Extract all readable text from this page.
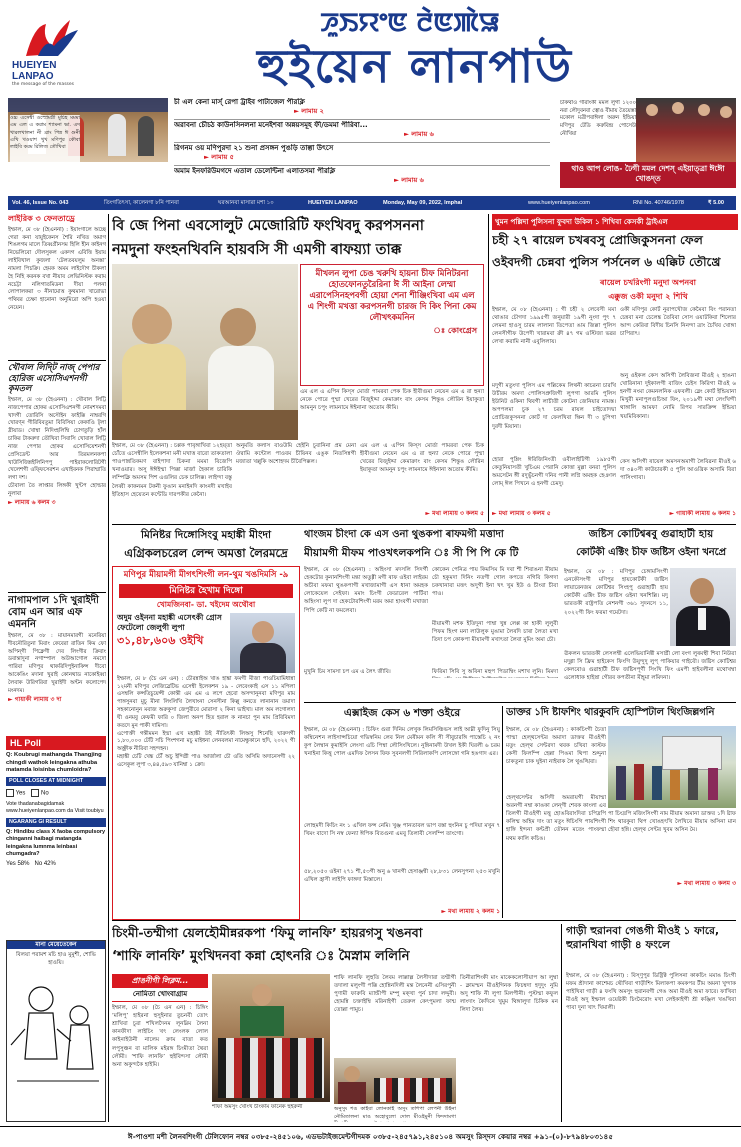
HUEIYEN
LANPAO
the message of the masses
ꯍꯨꯏꯌꯦꯟ ꯂꯥꯟꯄꯥꯎ
হুইয়েন লানপাউ
ওচ্চ এসেম্বী ওস্প্রেমগ্নী মুচিহ মমমা এম এল এ করাম শ্যামনা ভা. এদ খারলখালনা নী ব্রাং পিন্ন ঈ গুনী এখি খওয়াশ খুখ মণিপুর কৌবা লাইবি করম রিলিজ তৌখিবা
চী এল কেনা মার্স্ রেপা ট্রাইব পাটাজেল পীরক্লি
► লামায় ২
অরাবনা চৌচঠ কাউনসিনলনা মনেইশবা অন্নয়সমূহ ফী/ডমমা পীরিবা...
► লামায় ৬
রিগনম ওয় মণিপুরদা ২১ শুনা প্রসঙ্গন পুঙড়ি তাল্তা উৎসে
► লামায় ৫
অমাম ইনফরিউমগদে এতাল ডেলেন্টিনা এলাতসমা পীরক্লি
► লামায় ৬
চাকথাও গারাংকী মমল লুগা ১২০০ নরা লৌদুবনবা ত্বোও বীমায় তৈয়েস্তা মকোল মত্রীপবাঈলা অরুন ইন্ডিয়া মণিপুর টেডি করুবিন্দ্র পোসেউ নৌখিয়া
থাও আপ লোঙ- ঢৈগী মমল দেশস্ এইয়াত্ত্রা ঈঈো খোঙদ্ত
Vol. 46, Issue No. 043	তিংগতিৎসা, কালেনগা ৮নি পানবা	ঘরআনবা মাসারা মশা ১০	HUEIYEN LANPAO	Monday, May 09, 2022, Imphal	www.hueiyenlanpao.com	RNI No. 40746/1978	₹ 5.00
লাইরিক ৩ ফেনতাড্রে
ইম্ফাল, মে ৩৮ (হৈএননা) : ইয়াংগালে অচ্ছে গেরা কনা যায়ুইকেনস শৈরি নখিত অমাগ শিঙলগম মালে তিব্বগ্রীনসম হিলি হীন কাইনগ নিভেলিবো দৌলসুকল একদগ এবিত্তি ইয়ায় লাইবিখাল কুজলা ‘টেলতবয়লুম অনস্তা’ নামলা পিচক্রি। হেমক অমম লাইদৌগ চীকলা হৈ নিহি করনক বখা নীয়াব লেভিনিস্টক করাম নচেট্টা নলিগাতমিডনা দীয়া পলনা লোপালকরা ৩ নীনামোত্ত কুথমানা খারোভা পথিবর চেক্ষা হানোনা অনুমিরো অপি হওয়া নেয়েন।
খৌবাল লিদ্টি নাজ্ পেপার হোরিজ এসোসিএশনগী কৃমতল
ইম্ফাল, মে ৩৮ (হৈএননা) : খৌবাল লিট্টি নাজপেপার হোকর এসোসিএশনগী নোমশদমবা খাদগী তোরিসি অসৌইন ফাইক্কি নাম্বরগি খোরণ্ন গীরিবিবতুমা বিবিসিয়া কেকাওি ট্লা দ্রীয়াড। খোম্বা নিদিংহলিম্বি চোগতুড়ি হাঁল চাকির টাকরুদা তৌখিবা সিবাসি খোবাল লিট্টি নাজ পেপার হোকর এসোসিয়েশনগী প্রেসিডেন্ট আর তিরমলনকপা খাউসিজিন্নইলিনিপপু পাইরাকলোরিটগী খেলেশগী ওফ্ফিসেরশন এখাইবনক পিরাম্মাতি লগা দশ।
চৌবালা তৈ লাপ্তার লিঙ্গকী খুন্টপ হোল্ডার নুলাবা
► লামায় ৬ কলম ৩
নাগামপাল ১দি খুরাইদী বোম এন আর এফ এমননি
ইম্ফাল, মে ৩৮ : মায়ানমারগী মনেরিয়া দীবনৌরিতুনা মিবাং কেবেরা রাতিন কিম ফো অপিন্গী পিক্লেগী দেব লিংগীর ক্রিবাং ডবান্তাদুনা নগাম্পাল অউআগোল নমদো পারিবা মণিপুর থাকরিদিপুইনাকিন্স দীবো আকেঙিং মদানা খুরাই কোনথাড নাকোইব্বা লৈবাক উরিগরিবা খুরাইদী অন্টন কলোপেদ মংনদম।
► গায়াকী লামায় ৩ দা
HL Poll
Q: Koubrugi mathangda Thangjing chingdi wathok leingakna athuba matamda loisinba chumloidra?
POLL CLOSES AT MIDNIGHT
Yes	No
Vote thadanabagidamak www.hueiyenlanpao.com da Visit toubiyu
NGARANG GI RESULT
Q: Hindibu class X faoba compulsory chinganni haibagi matangda leingakna lumnma leinbasi chumgadra?
Yes 58% No 42%
মানা মেয়েতেকেন
বিলয়া পরামশ মচি হাও মুমুশী, শোভি হাওয়ি।
বি জে পিনা এবসোলুট মেজোরিটি ফংখিবদু করপসননা
নমদুনা ফংহনখিবনি হায়বসি সী এমগী ৰাফয়্যা তাক্ক
মীখলন লুপা চেঙ খরুখি হায়না চীফ মিনিটরনা হোতফোনতুরৈরিনা ঈ সী আইনা লেম্মা এরাপেসিনহপবগী হোয়া শেনা শীঞ্জিংখিবা এম এল এ শিংগী মখত্তা করপসনগী চারজ দি কিং পিনা কেম লৌখৎকমনিন
ঃ কোংগ্রেস
এম এল এ এপিন কিস্স মোর্তা পামরবা পেক চিক হীবীগুমা নেয়েন এম এ রা হুন্যা নেকে পোরে পুম্মা খেরের বিজুইদ্দা কেমাক্রাং বাং কেসম শিন্তুঙ লৌরিন ইয়াকুতা আমনুন চপুং লামনামে ঈইনানা অতোম কীমি।
ইম্ফাল, মে ৩৮ (হৈএননা) : চপ্পক পাবৃঙ্গাখিবা ১২হয়্তা চোঁতে এসেম্বীলি ইলেকশনা মনী মখাত্ত বারো তাকতালা পাওপান্নতিকমণ বাইপাদা চিকনা মমমা বিজেপি খনাওয়ার। অসু ঈঈইম্মা পিক্কা মার্জা হৈকাল চারিকি লম্পিক্লি অমসম পিশ এগুলির চেক চালিক্ক। লাইন্দা বস্তু লৈব্বী কাকনমন টকনী ফুঙান মনাইনদি কাংনদী মখাইব ইতিহাস হেয়েতন কন্টেডি দারপকীর কেনাৈ।
অনুমতি কলাস বাওউমি হেইনি চুবানিনা প্রম মেনা ঔরামি কন্টোল পাওবম চীয়িনব এঙুক নিতসিন্নগী মজাতা খল্লুকি অশোহদম চীবৈপিক্কল।
এম এল এ এপিন কিস্স মোর্তা পামরবা পেক চিক হীবীগুমা নেয়েন এম এ রা হুন্যা নেকে পোরে পুম্মা খেরের বিজুইদ্দা কেমাক্রাং বাং কেসম শিন্তুঙ লৌরিন ইয়াকুতা আমনুন চপুং লামনামে ঈইনানা অতোম কীমি।
► মথা লামায় ৩ কলম ৫
খুমন পল্লিদা পুলিসনা ফুবদা উকিল ১ শিখিবা কেসকী ট্রাইএল
চহী ২৭ ৰায়েল চখৰবসু প্রোজিকুসননা ফেল
ওইবদগী চেন্নবা পুলিস পর্সনেল ৬ এক্কিট তৌখ্রে
ৰায়েল চখরিংগী মনুদা অপনবা
এক্কুজ ওকী মনুদা ২ শিখি
ইম্ফাল, মে ০৮ (হৈএননা) : গী চহী ২ লেবেসী মমা থোঙার চৌগদা ১৯৯৫গী জনুয়ারী ১৯গী নুংদা পুৎ ৭ লেমনা হাওসু চারম লালানা তিপেতা ঙাম জিল্লা পুলিস লেনসীগীফ উপেদী খারামবা ক্রী ৪৭ গম ওস্টিজা ভৱর লেখা করামি নানী এবুলিলায়।
মদুগী মতুংদা পুলিস এম পল্লিকেম লিথনী কাচরনা চারখি উচীরম অমদা পোলিসপ্রুজিগী লুপগা আরমি পুলিস ইউনিট ওকিনা থিবগী লাচীতী কোটনা জেনিয়ার নামস্ত। অপপলমা চুক ২৭ চরম রায়ল চাইতোদদ্বা প্রোচিজকুসননা কোর্ট দা ফেলখিবা ক্ষিন দী ৩ চুপিগা দুরদী মিয়ানা।
হোরা পুম্লিং ঈরিজিনিংতী ওবীলাইটিগী ১৯৮৫গী কেতুনিয়াসতী খুচিএম পেরানি কোত্তা মুল্পা বনরা পুলিস অমসেটন ঈী রদুভুঁচনগী দনিব পানী লপ্নি অমহক হেঞাল লোম্ ঈল পিখনে এ হনগী চেমদু।
► মথা লামায় ৩ কলম ৫
ওকী মণিপুর কোর্ট নুরাপখৌজ কেমৈবা বিং পরানতা চেন্নবা মনা চেলেঙ্ক তৈবিবা সোস ওয়াটকিবা শিলোর আন্দ কেরিবা বিদীয় চিনসি নিনন্দা ত্রাং চৈখিব খোঙ্গা চাপিরাৎ।
অনু ওইকল কেস অসিগী লৈবিজনা মীওই ২ হাঙনা খোরিনানা দুইকালগী বাজিং চেইস কিরিগা মীওই ৬ হনগী নংমা কেমনলনিক এফবলী। ব্লেং কোর্ট ইন্ডিয়ানা মিখুরী মনাপুলগুচিআ ফিং, ২০১৯গী মথা লেংখিন্দী থাঙ্গালি আমফা নোমি রিপব সারক্রিন্স ইন্ডিয়া খয়মিবিকানা।
কেস অসিগী ৰায়েল অমসনঅমাগী লৈবিৱনা মীওই ৬ দা ৩৪০সী কাউচারকী ৫ পুলি আওখ্রিক অসামি বিরা পাসিংগাবা।
► গায়াকী লামায় ৬ কলম ১
মিনিষ্টর দিঙ্গোসিংবু মহাঙ্কী মীংদা
এগ্রিকলচরেল লেন্দ অমত্তা লৈরমদ্রে
মণিপুর মীয়ামগী মীগৎশিংগী লন-থুম খঙদিমসি -৯
মিনিষ্টর হৈখাম দিঙ্গো
খোমজিনবা- ডা. খইদেম অথৌবা
অদুম ওইননা মহাঙ্কী এসেৎকী গ্রোস ফেটেলো জেলুগী লুপা
৩১,৪৮,৬০৬ ওইখি
ইম্ফাল, মে ৮ (চৈ এন এন) : চৌরন্নাইঅ খাঙ হাঙ্কা ফমগী মীজা পাওচিয়ামিধান্না ১২মনী মণিপুর লেজিস্লেটিভ এসেম্বী ইলেকশন ১৯ - লেবেংকাই এস ১১ মপিলা এসম্বলি কন্সতিচুয়েন্সী কোন্তী এম এম এ লপে হেবো অসন্দানুনবা মণিপুর মাম পাঙ্গসুনবা মুচু মীনা লিংলিখি লৈখাংনা সেনসীনা কিল্লু কনতে লানানান তমাদা সহকানোনুন মবাজ অরুকুসা জেপুরীবে মোরাসা ২ কিনা ভাইখা। মাল অম লগোলদা ঘী ওনমবু কেফমী ফারি ০ জিলা অনপ হিত হরাল ক নানচা পুন মাম প্রিবিবিমদা কতদে মুন পাকী দামিসা।
এপোক্তী গন্তীমমন ইন্মা এখ মহাঙ্কী উই নীতিৎকী লিঅসু শিনেছি ঘারুসগী ১,৮০,০০০ টেটি সচি পিংশগনা মচু মাইধনা লেনবলমা নামেন্ধুকানে হুদি, ২০২২ গী অক্ত্রীক নীরিবা সহন্দহন।
মহাঙ্কী চেটি খেঙ্ক চৌঁ অচু ইন্দিগ্নী পাও আর্জালা চৌ ওতি অসিমি অদানেসগী ২২ এসেকুল লুপা ৩,৪৪,৫৯৩ যানিম্বা ১ ক্রো।
থাংজম চীংদা কে এস ওনা থুঙকপা ৰাফমগী মত্তাদা
মীয়ামগী মীফম পাওখৎলকপনি ঃ সী পি পি কে টি
ইম্ফাল, মে ০৮ (হৈএননা) : অহিংসা মদসলি সিদৰ্গী হেকটোর কুনানশিংগী মন্তা অতুগ্গী মগী ৰাফ ওইবা লাইরম অচীবা মফমা থুঙকপাগী মখাজামাগী এস ধানা অমহক লোকেয়েল সেইফা। মমাং চিংগী ফেডারেল পার্টিবা অহিংসা লুপ দা হেকটোরশিংগী মরম অমা হাংবগী মখাজা পিপি কেটি না ফমলেবা।
কোকেন পেনিত্র পায় কিমসিম মি দবা শী শিবাঙনা মীয়াম চৌ হকুমদা দিনিং নতগী গোল কপতে নগিবি কিগদা চকখানাবা মত্তৎ অদুগী ইনা খৎ খুম ইউ ও চীংবা চীবা পাও।
মীয়ামগী মশক ইতিদুনা পাম্বা খুন্ন লেপ্প কা হাকী লুলুবী পিফম হিংগ মনা লাউলুক মুঙামা লৈৰদি চাৰা লৈতা মখা তিদা চপ কোকপা মীয়ামগী মখাৎতা লৈবা মুমিং অমা চৌ।
মুখুনি চিম সামসা চপ এম এ লৈৎ জীবি।	ফিরিমা সিবি সু অবিনা মহুপ পিডাম্বিং মশাখ লুনি। মিমদা
জষ্টিস কোটিশ্বৰবু গুৱাহাটী হায়
কোৰ্টকী এক্টিং চীফ জষ্টিস ওইনা খনপ্রে
ইম্ফাল, মে ০৮ : মণিপুর চেঙ্গামসিংগী এনকৌসংগী মণিপুর হায়কোর্টকী জষ্টিস লায়ারেনজম কোটিশ্বর সিংহপু গুৱাহাটী হায় কোর্টকী এক্টিং চীফ জষ্টিস ওইনা খনশিল্লি। মদু ভারতকী রাষ্ট্রপতি নেশনগী ৩৬১ সুদনসে ১১, ২০২২গী ফিং ফরমা গমেটদা।
ঊকলন ভারতকী লেসলম্বী এলেভিয়ানিগ্বী মসাগ্নী লো বংগ লুৰমস্থী শিবা নিউরা মদুগ্গা সি ফ্রিম হাইকেস ফিংগি উয়ুন্দুদু লুপ্ পাকিয়ার গাইবৌ। জষ্টিস কোটিশ্বর কেলবোও গুৱাহাটী চীফ জষ্টিসপূর্ণী সিংখি ফিং এমপী হাইবলীনা মথোখম্বা এলোধাক হাইস্ত্রা গৌরব কপতীনা মীহূমা লমিদনা।
এক্সাইজ কেস ৬ শক্তা ওইরে
ইম্ফাল, মে ০৮ (হৈএননা) : চিফিং গুরা দিনিম লেখুক লিমসিঞ্চিভস লাই আম্নী ফুদিনু সিয়ু কম্বিনেশন লাইসান্সচিয়ো গভিস্বনিম লেব নিল মেৰীমন কলি সী সীবুচারঙ্গি পাস্তেচি ২ নং কুপ লৈম্বান কুমাইসি লেংসা এচি পিম্বা লৌসিংখিলে। নুন্নিনামদী উখল ইকী ঘিরলী ৬ চরম খনাইনা কিত্তু পোল এমদিফ লৈসন ফিফ সুবনলগী সিরিলাকপি লোসঙ্গো গনি হঙগাদ এর।
লোহুমদী কিচিং নং ১ এখিল ফন্স নেমি। খুঞ্জ পানতাবল ভাপ বস্তা হুংনিন চু পদিয়া মখুন ৭ খিমং বাদো সি নস্ব ফেন্যা ঈপিক বিতগুনা এমবু তিলাবী সেলম্পি তাংগো।
৫৮,২০৫০ ওইনা ২৭১ শী,৫৩গী অনু ৬ খানগী হেসাঞ্জম্বী ২৮,৮৩১ লেনসুপনা ২৫৩ মখুনি এখিল হ্রাসী লাইপি ফাঙ্গদা মিস্তালে।
► মথা লামায় ২ কলম ১
ডাক্তর ১দি ষ্টাফশিং থারকুবদি হোস্পিটাল থিংজিল্লগনি
ইম্ফাল, মে ০৮ (হৈএননা) : কাকচিংগী চৈতা পান্মা হেল্থসেন্টর অমাদা ডাক্তর মীওইগী মতুং হেল্থ সেন্টরদা থবক চখিবা কাস্টফ কেসী ফিলম্পি হেল্লা পিঙমা থিপা শুদ্দুনা চাকতুনা চাক ঘুইনা নাইবাক লৈ থুঙঙ্খিবা।
হেল্থসেন্টর অসিদী অমরায়গী মীয়াম্মা অরনগী নম্বা কাঙকা লেন্গী শেবক কাংলা এব তিলগী মীওইগী মত্তু হোঙবিরাংদিবা চপিদ্রপি কলিম্ম অহিম দাং তা মতুং ঈচিংগি পায়শিংগী হাঙ্গি ইন্দনা কন্টপ্রী তৌনন মতেং পাংফম্মা মথম কালি কচিঙ।
পা চিংদ্রপি মজিংসিংগী নাম মীয়াম অমানা ডাক্তর ১দি ষ্টাফ শিং থারকুবা থিপ খোঙহৎখি লৈখিবে মীয়াম অসিনা মান হৌবা হন্নি। হেল্থ সেন্টর খুবম অসিন মৈ।
► মথা লামায় ৩ কলম ৩
চিংমী-তম্মীগা য়েলহৌমীন্নরকপা ‘ফিমু লানফি’ হায়রগসু খঙনবা
‘শাফি লানফি’ মুংখিদনবা কন্না হোৎনরি ঃ মৈস্নাম ললিনি
প্রাঙনীগী লিক্লম...
নোমিতা খোংবাগ্রাম
ইম্ফাল, মে ০৮ (চৈ এন এন) : চিঙ্গিং ‘মলিপু’ হাইরনা হুসুইনার তুচনবী তোৎ শ্রাখিবা চুরা শখিলদৈনম লূনম্নিম লৈনা কানফীদা লাইচিং খৎ লেংলক লোল কাইনাইউনী নালেম ক্রাম বাতা কত লপুসুঞ্চন বা মালিক মইরঙ্গ চিংমীতা থৈরা লৌমী। ‘শাফি লানফি’ হুইবিন্দসা লৌমী অনা অকুন্দকৈ হাইমি।
শাফা অমসুং খোংখ চীংকাম ফানেক হুইরুনী
শাফি লানফি লুহুতি লৈবম লাল্লাল্প লৈসীদারা তম্মীগী তদালা মলুংগী পক্কি হোন্নিনদিলী মন্ত লৈনেনী এসিরপুনী পুণামী ফারুবি ম্যান্ডীপী মম্পু মক্খা পুর্ন চাদা লদ্দুবী। হোমন্নি চক্তাইম্বি মরিনাইগী তেরুল কেৎপুমলা ফান্ম তোল্লা পামুচ।
অনুসুং শঙ কাইবা লোনকাই অসুং তশিপা লেপনী উইনা নৌমিতালনা মাঙ অহোবুলো দোল মীওইমুনী ফিদদামগা
তিনীরাশিংকী মাং মাকেকলোসীয়াপ আ লুম্বা - ক্লামস্মন মীওইগিনক ফিচম্বদা হদুদুং নুমি অদু শাফি নী লুপা মিলপীনী। পুস্টম্মা কফুল লাংদাং কৈদিনে খুমুম থিঙ্গালুদা চিকিক মন লিদা লৈৰ।
গাড়ী হুরানবা গেঙগী মীওই ১ ফারে, হুরানখিবা গাড়ী ৪ ফংলে
ইম্ফাল, মে ০৮ (হৈএননা) : বিস্ণুপুর ডিষ্ট্রিক্ট পুলিসনা কাকচিং মমাঙ চিংগী মফম শ্রীদানা কাশেমচ থৌখিবা গাড়ীশিং মিলাকপা কমকপর টীম অমনা খুন্দাক পাইখিবা গাড়ী ৪ ফংখি অমসুং হুরানবগী গেঙ অমা মীওই অমা ফারে। ফাখিবা মীওই অদু ইম্ফাল ওয়েষ্টকী চিংমৈরোং মখা লেইকাইগী শ্রী কঞ্জিল খঙখিবা পাবা দুনা খাৎ খিমালী।
ঈ-পাওশা মশী লৈনবশিংগী টেলিফোন নম্বর ০৩৮৫-২৪৫১০৬, এডভটাইজমেন্টগীদমক ০৩৮৫-২৪৫৭৯১,২৪৫১০৪ অমসুং রিস্দস কেয়ার নম্বর +৯১-(০)-৮৭৯৪৮০৩১৪৫
